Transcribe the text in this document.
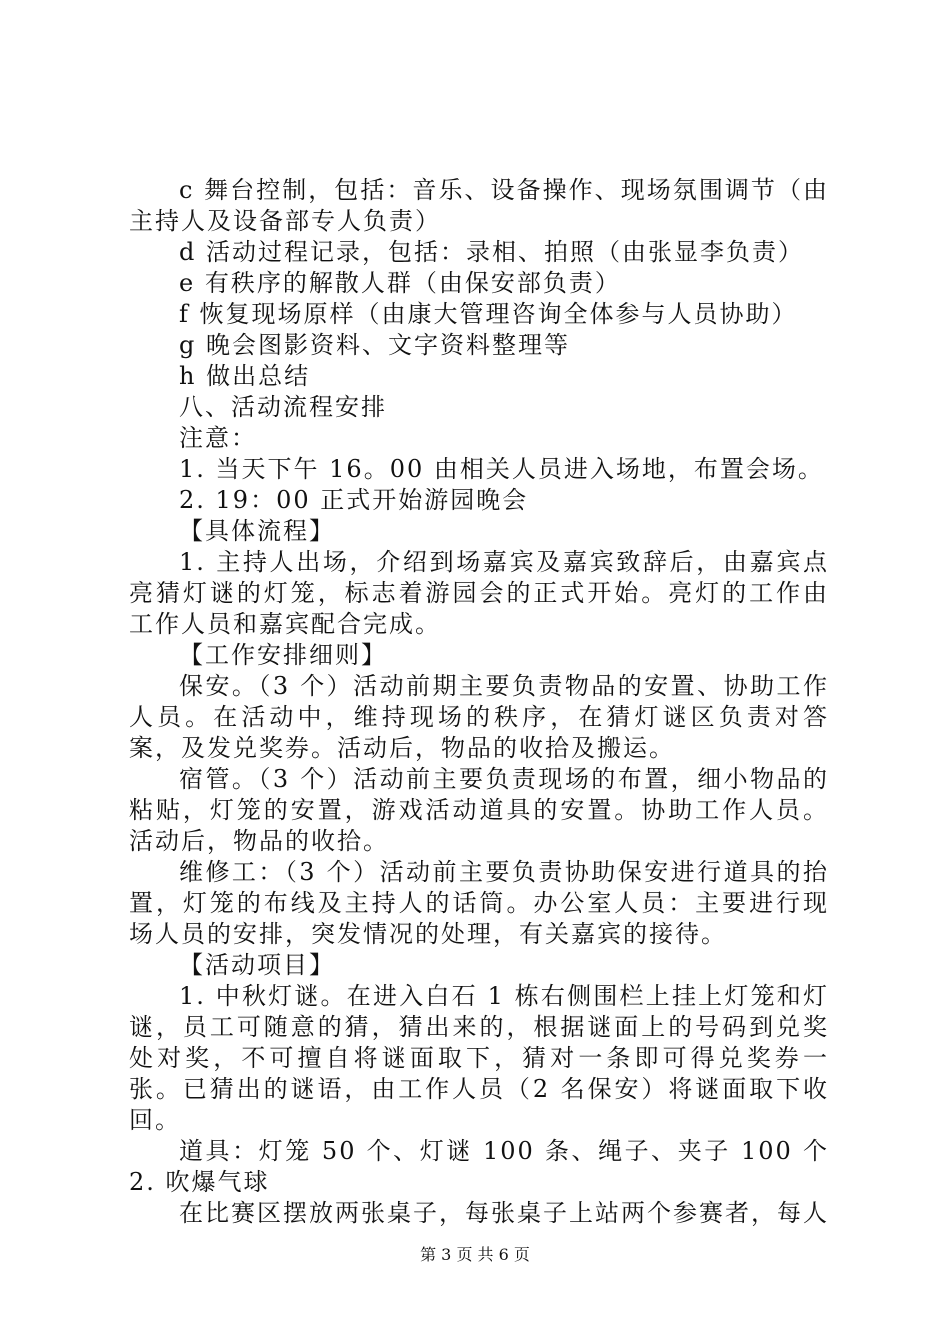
c 舞台控制，包括：音乐、设备操作、现场氛围调节（由主持人及设备部专人负责）

d 活动过程记录，包括：录相、拍照（由张显李负责）

e 有秩序的解散人群（由保安部负责）

f 恢复现场原样（由康大管理咨询全体参与人员协助）

g 晚会图影资料、文字资料整理等

h 做出总结

八、活动流程安排

注意：

1. 当天下午 16。00 由相关人员进入场地，布置会场。

2. 19：00 正式开始游园晚会

【具体流程】

1. 主持人出场，介绍到场嘉宾及嘉宾致辞后，由嘉宾点亮猜灯谜的灯笼，标志着游园会的正式开始。亮灯的工作由工作人员和嘉宾配合完成。

【工作安排细则】

保安。（3 个）活动前期主要负责物品的安置、协助工作人员。在活动中，维持现场的秩序，在猜灯谜区负责对答案，及发兑奖券。活动后，物品的收拾及搬运。

宿管。（3 个）活动前主要负责现场的布置，细小物品的粘贴，灯笼的安置，游戏活动道具的安置。协助工作人员。活动后，物品的收拾。

维修工：（3 个）活动前主要负责协助保安进行道具的抬置，灯笼的布线及主持人的话筒。办公室人员：主要进行现场人员的安排，突发情况的处理，有关嘉宾的接待。

【活动项目】

1. 中秋灯谜。在进入白石 1 栋右侧围栏上挂上灯笼和灯谜，员工可随意的猜，猜出来的，根据谜面上的号码到兑奖处对奖，不可擅自将谜面取下，猜对一条即可得兑奖券一张。已猜出的谜语，由工作人员（2 名保安）将谜面取下收回。

道具：灯笼 50 个、灯谜 100 条、绳子、夹子 100 个 2. 吹爆气球

在比赛区摆放两张桌子，每张桌子上站两个参赛者，每人

第 3 页 共 6 页
